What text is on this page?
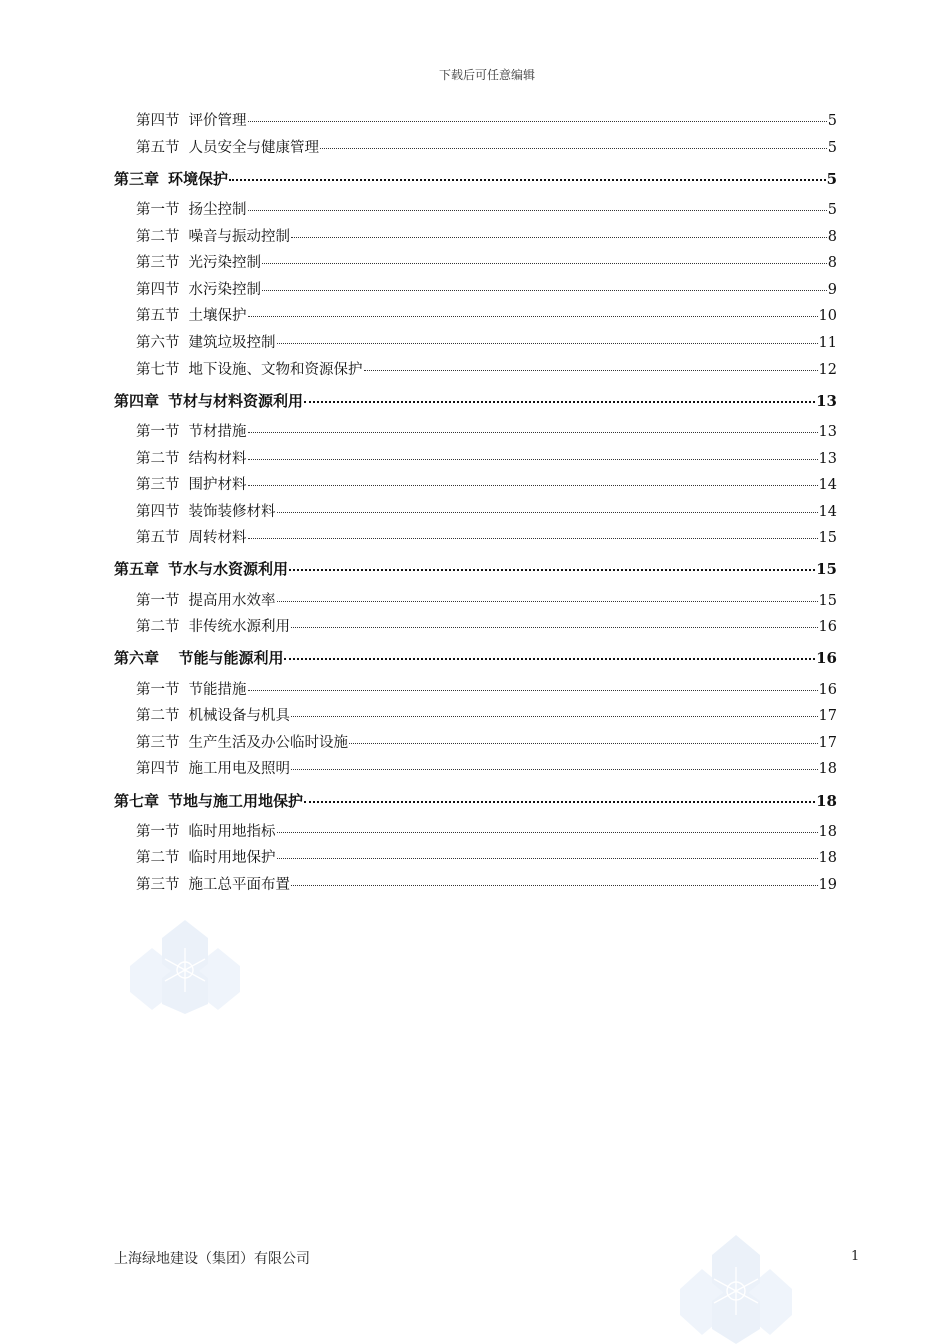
下载后可任意编辑
第四节 评价管理	5
第五节 人员安全与健康管理	5
第三章 环境保护	5
第一节 扬尘控制	5
第二节 噪音与振动控制	8
第三节 光污染控制	8
第四节 水污染控制	9
第五节 土壤保护	10
第六节 建筑垃圾控制	11
第七节 地下设施、文物和资源保护	12
第四章 节材与材料资源利用	13
第一节 节材措施	13
第二节 结构材料	13
第三节 围护材料	14
第四节 装饰装修材料	14
第五节 周转材料	15
第五章 节水与水资源利用	15
第一节 提高用水效率	15
第二节 非传统水源利用	16
第六章 节能与能源利用	16
第一节 节能措施	16
第二节 机械设备与机具	17
第三节 生产生活及办公临时设施	17
第四节 施工用电及照明	18
第七章 节地与施工用地保护	18
第一节 临时用地指标	18
第二节 临时用地保护	18
第三节 施工总平面布置	19
上海绿地建设（集团）有限公司	1
